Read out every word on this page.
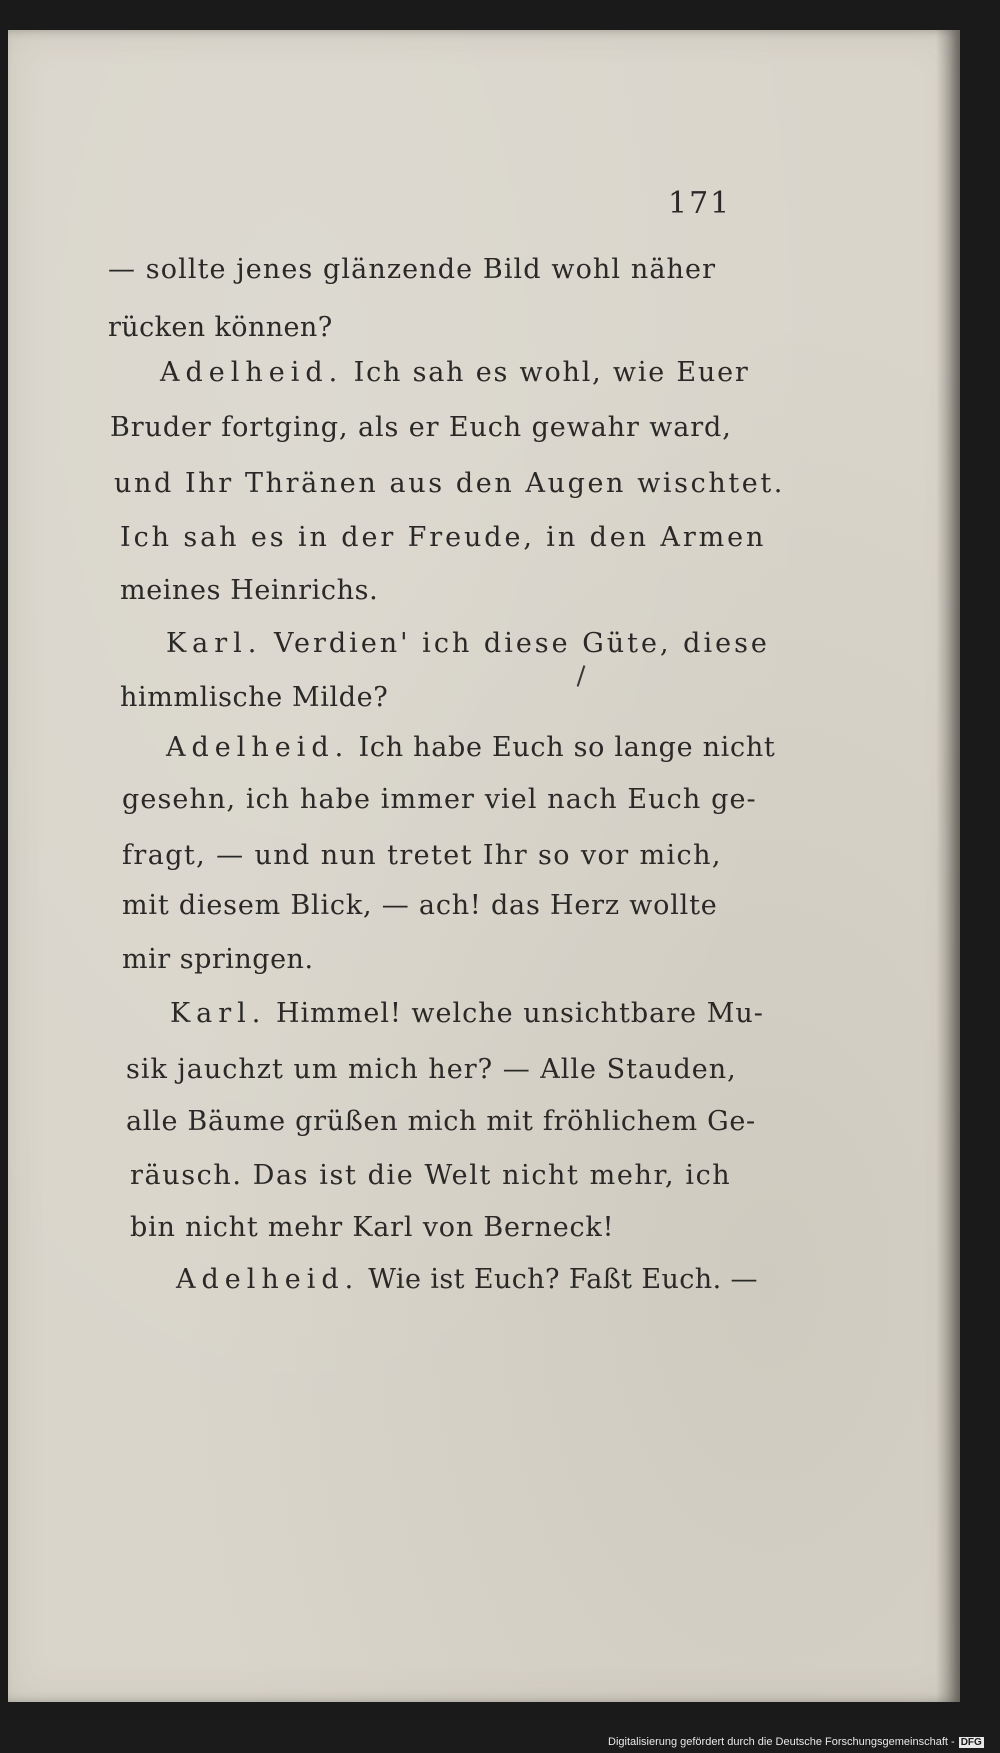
171
— sollte jenes glänzende Bild wohl näher
rücken können?
Adelheid. Ich sah es wohl, wie Euer
Bruder fortging, als er Euch gewahr ward,
und Ihr Thränen aus den Augen wischtet.
Ich sah es in der Freude, in den Armen
meines Heinrichs.
Karl. Verdien' ich diese Güte, diese
himmlische Milde?
Adelheid. Ich habe Euch so lange nicht
gesehn, ich habe immer viel nach Euch ge-
fragt, — und nun tretet Ihr so vor mich,
mit diesem Blick, — ach! das Herz wollte
mir springen.
Karl. Himmel! welche unsichtbare Mu-
sik jauchzt um mich her? — Alle Stauden,
alle Bäume grüßen mich mit fröhlichem Ge-
räusch. Das ist die Welt nicht mehr, ich
bin nicht mehr Karl von Berneck!
Adelheid. Wie ist Euch? Faßt Euch. —
Digitalisierung gefördert durch die Deutsche Forschungsgemeinschaft - DFG
